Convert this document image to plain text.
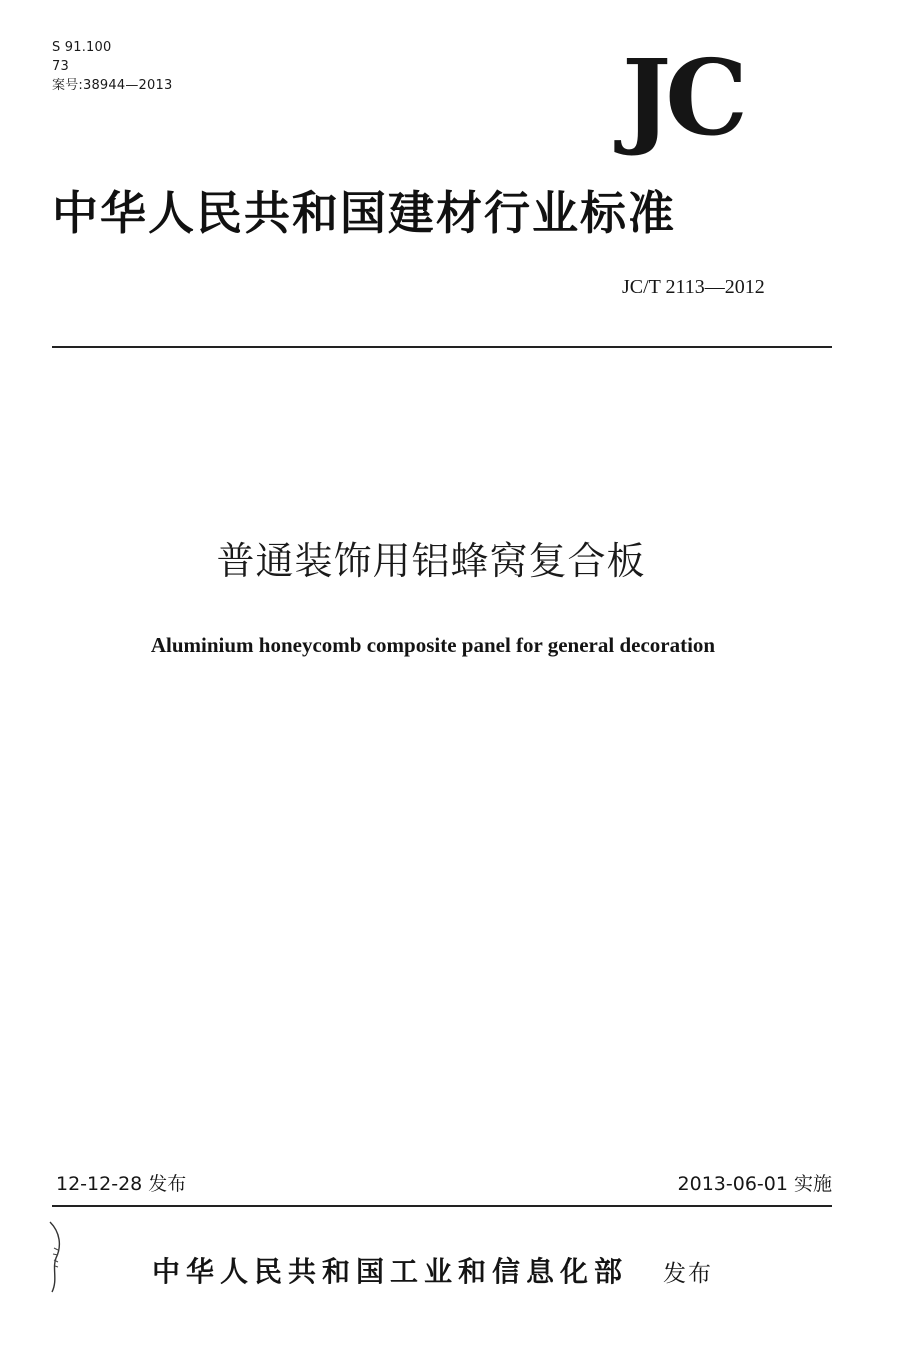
S 91.100
73
案号:38944—2013	JC
中华人民共和国建材行业标准
JC/T 2113—2012
普通装饰用铝蜂窝复合板
Aluminium honeycomb composite panel for general decoration
12-12-28 发布	2013-06-01 实施
中华人民共和国工业和信息化部 发布
